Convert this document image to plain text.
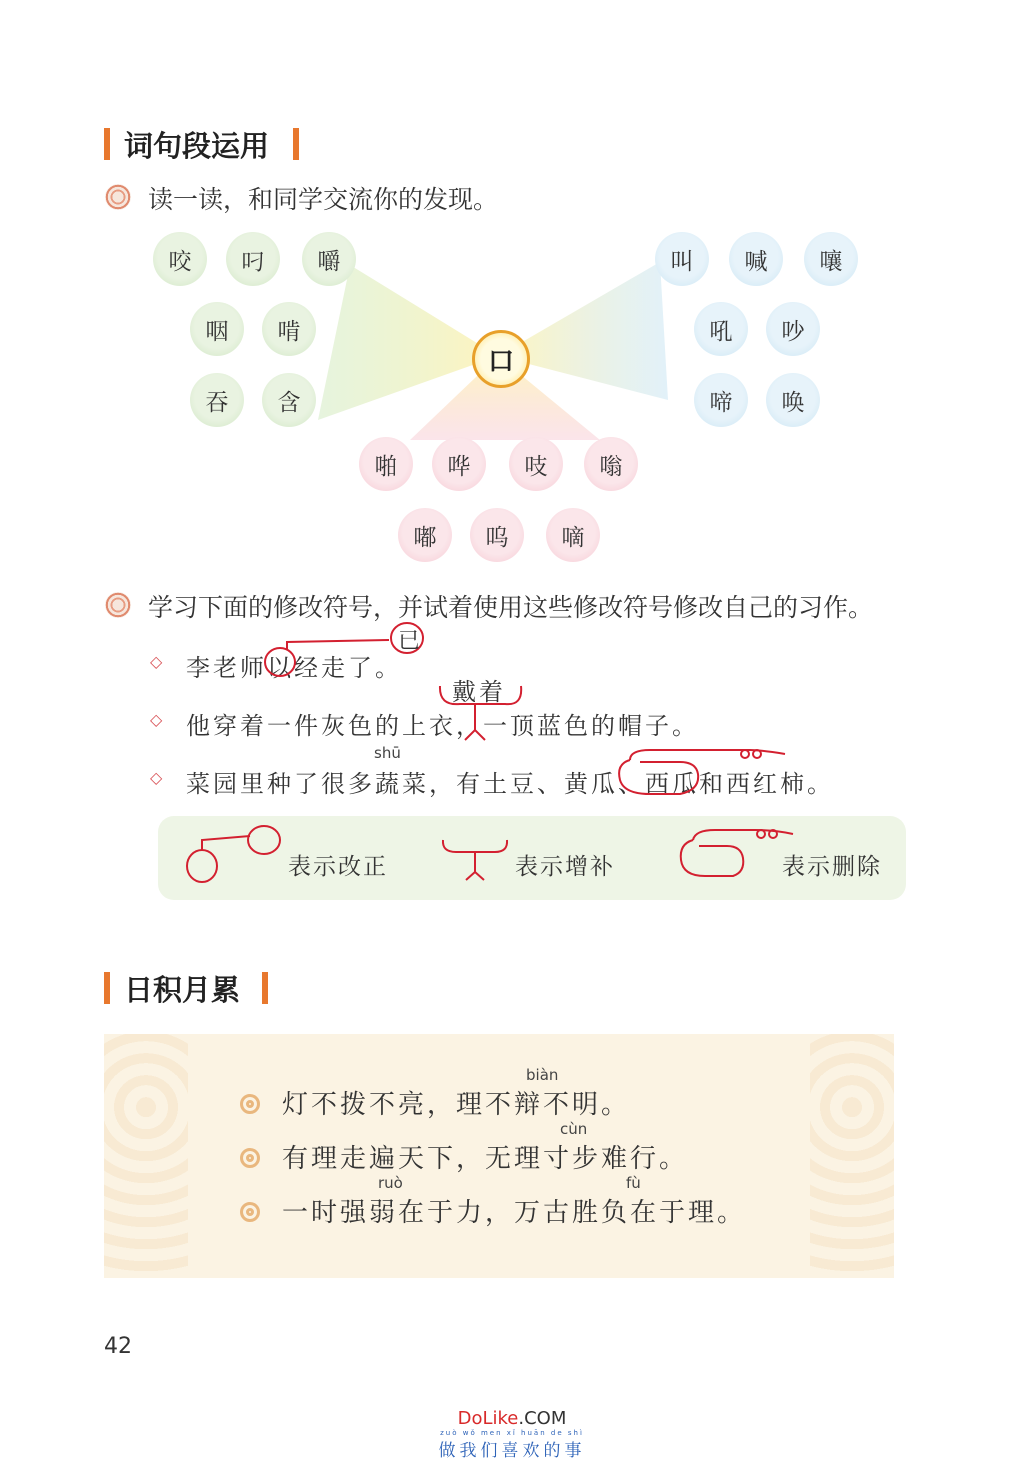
词句段运用
读一读，和同学交流你的发现。
咬	叼	嚼
咽	啃
吞	含
叫	喊	嚷
吼	吵
啼	唤
口
啪	哗	吱	嗡
嘟	呜	嘀
学习下面的修改符号，并试着使用这些修改符号修改自己的习作。
◇ 李老师以经走了。
已
戴着
◇ 他穿着一件灰色的上衣，一顶蓝色的帽子。
shū
◇ 菜园里种了很多蔬菜，有土豆、黄瓜、西瓜和西红柿。
表示改正	表示增补	表示删除
日积月累
biàn
灯不拨不亮，理不辩不明。
cùn
有理走遍天下，无理寸步难行。
ruò	fù
一时强弱在于力，万古胜负在于理。
42
DoLike.COM
zuò wǒ men xǐ huān de shì
做我们喜欢的事
